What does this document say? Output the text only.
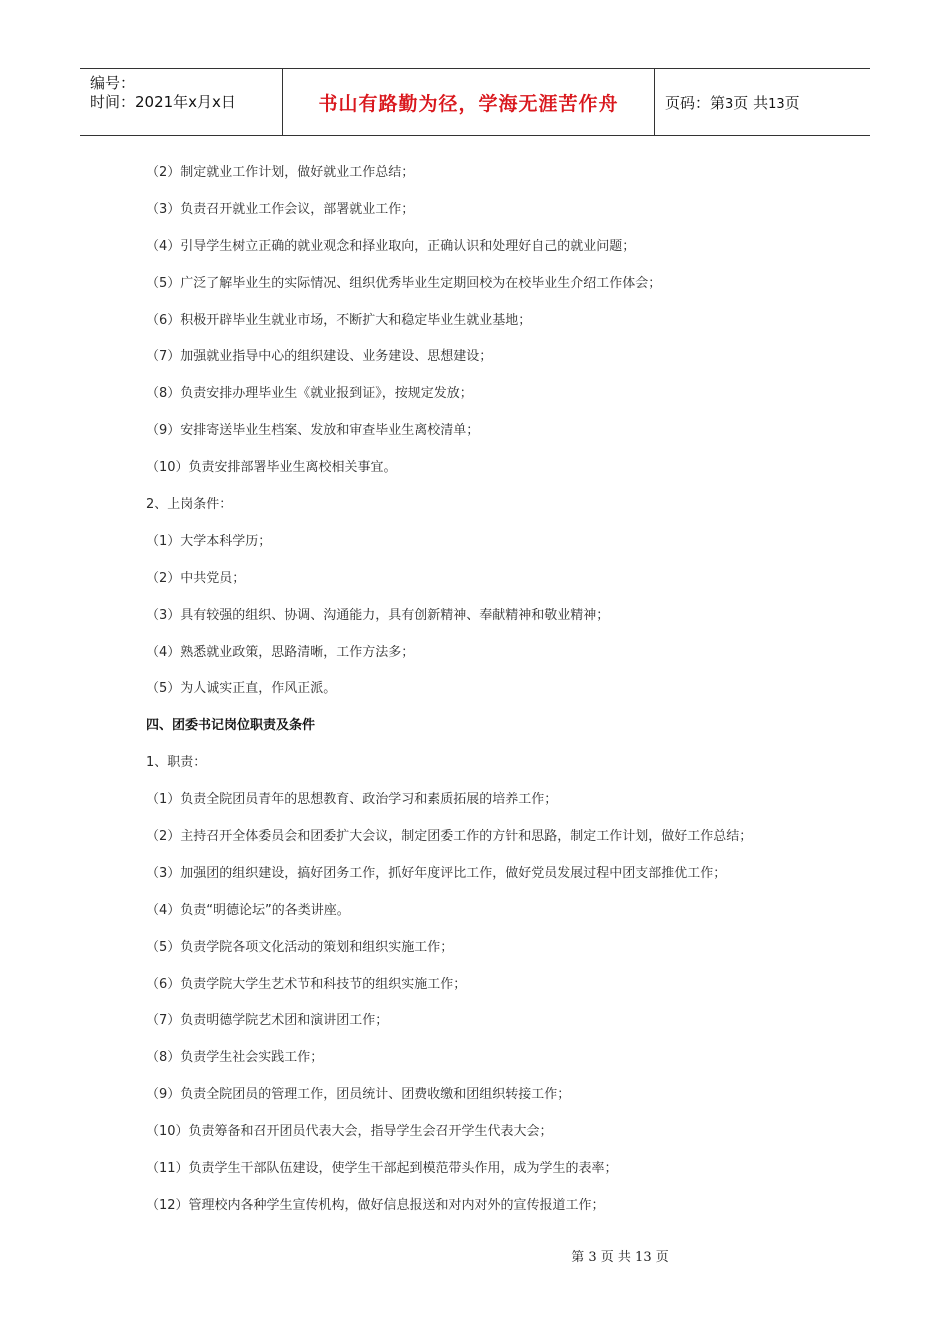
编号：
时间：2021年x月x日	书山有路勤为径，学海无涯苦作舟	页码：第3页 共13页
（2）制定就业工作计划，做好就业工作总结；
（3）负责召开就业工作会议，部署就业工作；
（4）引导学生树立正确的就业观念和择业取向，正确认识和处理好自己的就业问题；
（5）广泛了解毕业生的实际情况、组织优秀毕业生定期回校为在校毕业生介绍工作体会；
（6）积极开辟毕业生就业市场，不断扩大和稳定毕业生就业基地；
（7）加强就业指导中心的组织建设、业务建设、思想建设；
（8）负责安排办理毕业生《就业报到证》，按规定发放；
（9）安排寄送毕业生档案、发放和审查毕业生离校清单；
（10）负责安排部署毕业生离校相关事宜。
2、上岗条件：
（1）大学本科学历；
（2）中共党员；
（3）具有较强的组织、协调、沟通能力，具有创新精神、奉献精神和敬业精神；
（4）熟悉就业政策，思路清晰，工作方法多；
（5）为人诚实正直，作风正派。
四、团委书记岗位职责及条件
1、职责：
（1）负责全院团员青年的思想教育、政治学习和素质拓展的培养工作；
（2）主持召开全体委员会和团委扩大会议，制定团委工作的方针和思路，制定工作计划，做好工作总结；
（3）加强团的组织建设，搞好团务工作，抓好年度评比工作，做好党员发展过程中团支部推优工作；
（4）负责“明德论坛”的各类讲座。
（5）负责学院各项文化活动的策划和组织实施工作；
（6）负责学院大学生艺术节和科技节的组织实施工作；
（7）负责明德学院艺术团和演讲团工作；
（8）负责学生社会实践工作；
（9）负责全院团员的管理工作，团员统计、团费收缴和团组织转接工作；
（10）负责筹备和召开团员代表大会，指导学生会召开学生代表大会；
（11）负责学生干部队伍建设，使学生干部起到模范带头作用，成为学生的表率；
（12）管理校内各种学生宣传机构，做好信息报送和对内对外的宣传报道工作；
第 3 页 共 13 页
